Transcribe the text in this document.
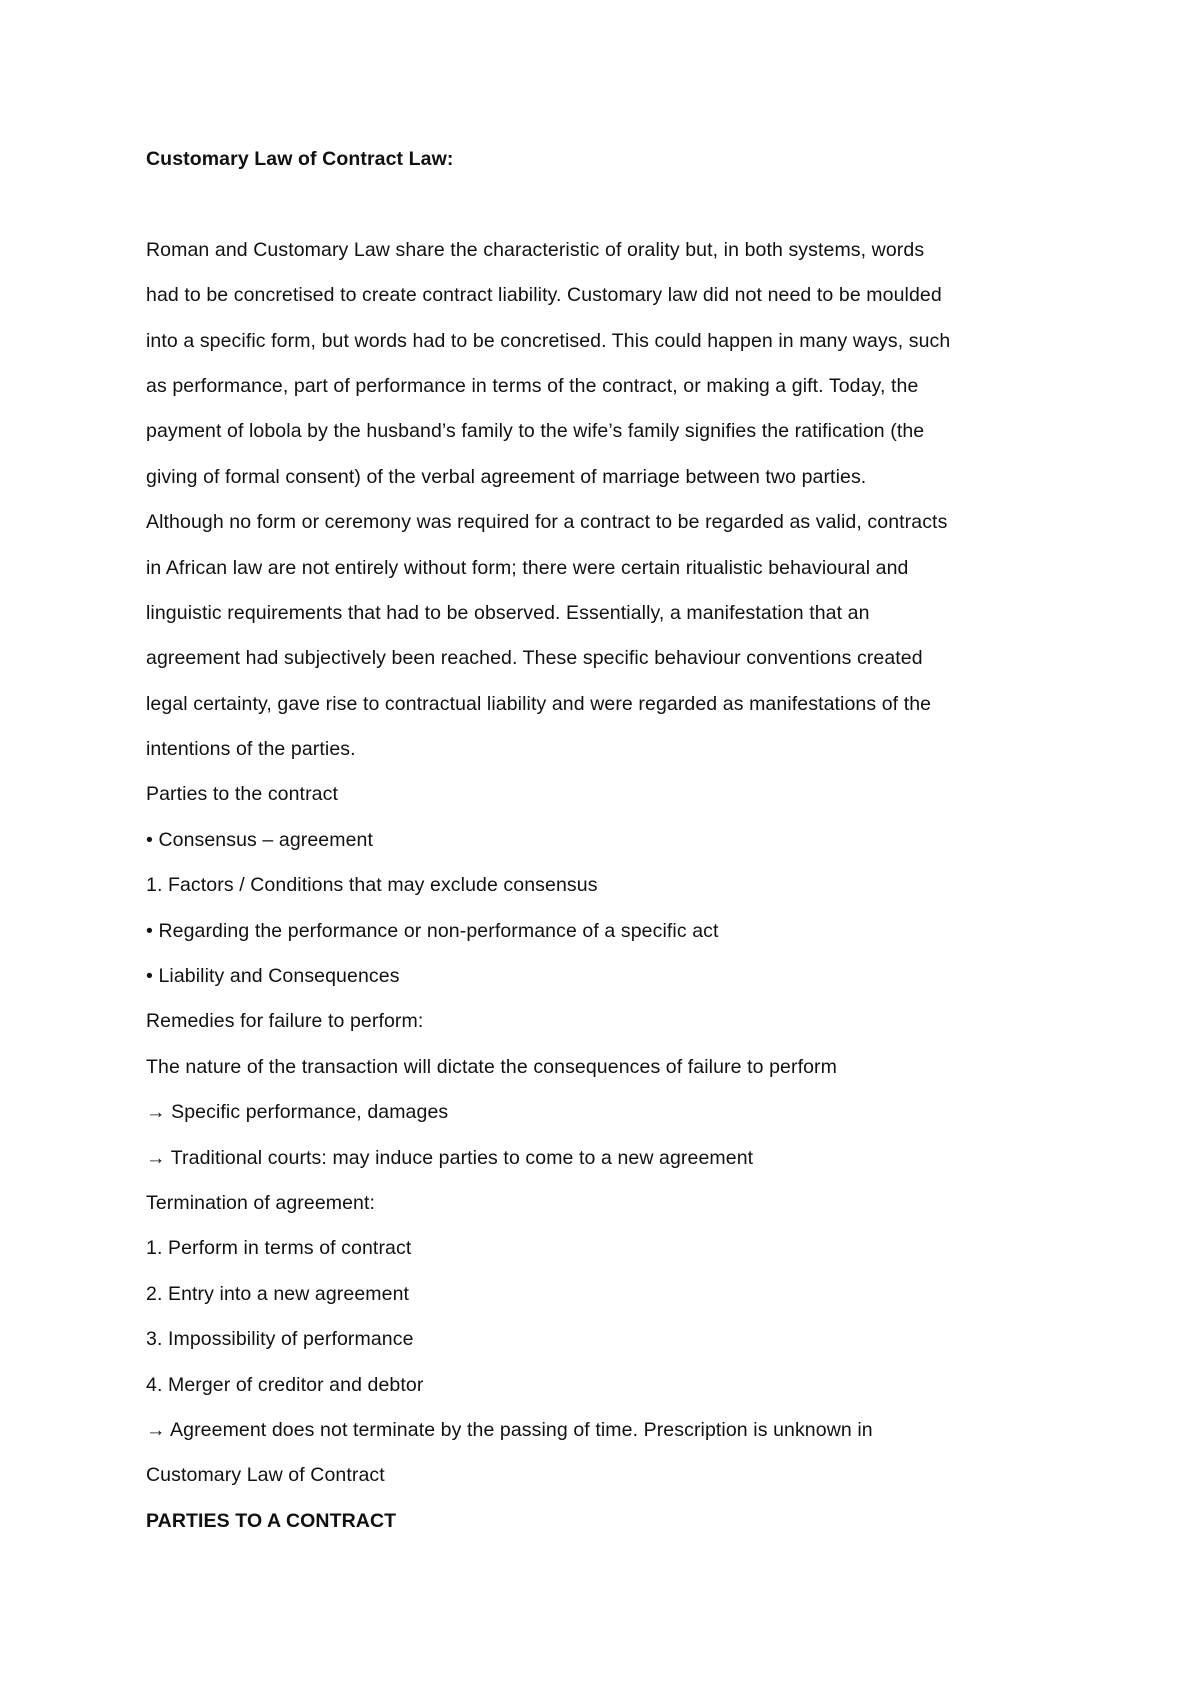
Customary Law of Contract Law:
Roman and Customary Law share the characteristic of orality but, in both systems, words
had to be concretised to create contract liability. Customary law did not need to be moulded
into a specific form, but words had to be concretised. This could happen in many ways, such
as performance, part of performance in terms of the contract, or making a gift. Today, the
payment of lobola by the husband’s family to the wife’s family signifies the ratification (the
giving of formal consent) of the verbal agreement of marriage between two parties.
Although no form or ceremony was required for a contract to be regarded as valid, contracts
in African law are not entirely without form; there were certain ritualistic behavioural and
linguistic requirements that had to be observed. Essentially, a manifestation that an
agreement had subjectively been reached. These specific behaviour conventions created
legal certainty, gave rise to contractual liability and were regarded as manifestations of the
intentions of the parties.
Parties to the contract
• Consensus – agreement
1. Factors / Conditions that may exclude consensus
• Regarding the performance or non-performance of a specific act
• Liability and Consequences
Remedies for failure to perform:
The nature of the transaction will dictate the consequences of failure to perform
→ Specific performance, damages
→ Traditional courts: may induce parties to come to a new agreement
Termination of agreement:
1. Perform in terms of contract
2. Entry into a new agreement
3. Impossibility of performance
4. Merger of creditor and debtor
→ Agreement does not terminate by the passing of time. Prescription is unknown in
Customary Law of Contract
PARTIES TO A CONTRACT
